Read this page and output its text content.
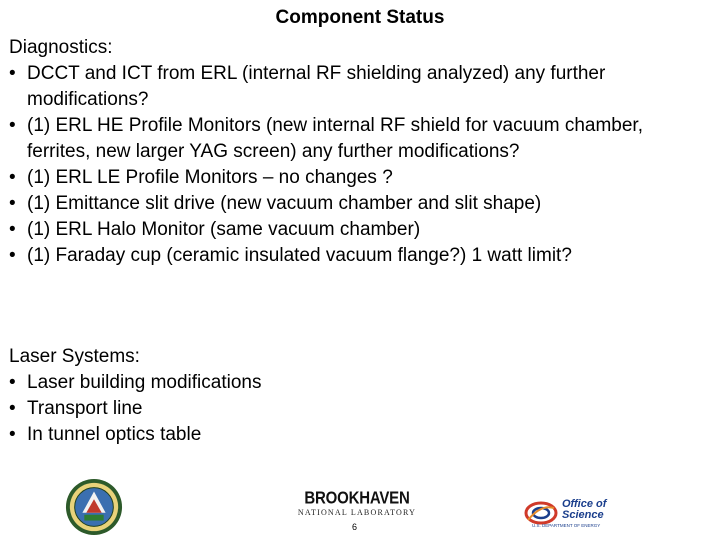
Component Status
Diagnostics:
• DCCT and ICT from ERL (internal RF shielding analyzed) any further modifications?
• (1) ERL HE Profile Monitors (new internal RF shield for vacuum chamber, ferrites, new larger YAG screen) any further modifications?
• (1) ERL LE Profile Monitors – no changes ?
• (1) Emittance slit drive (new vacuum chamber and slit shape)
• (1) ERL Halo Monitor (same vacuum chamber)
• (1) Faraday cup (ceramic insulated vacuum flange?) 1 watt limit?
Laser Systems:
• Laser building modifications
• Transport line
• In tunnel optics table
BROOKHAVEN
NATIONAL LABORATORY
6
Office of
Science
U.S. DEPARTMENT OF ENERGY
